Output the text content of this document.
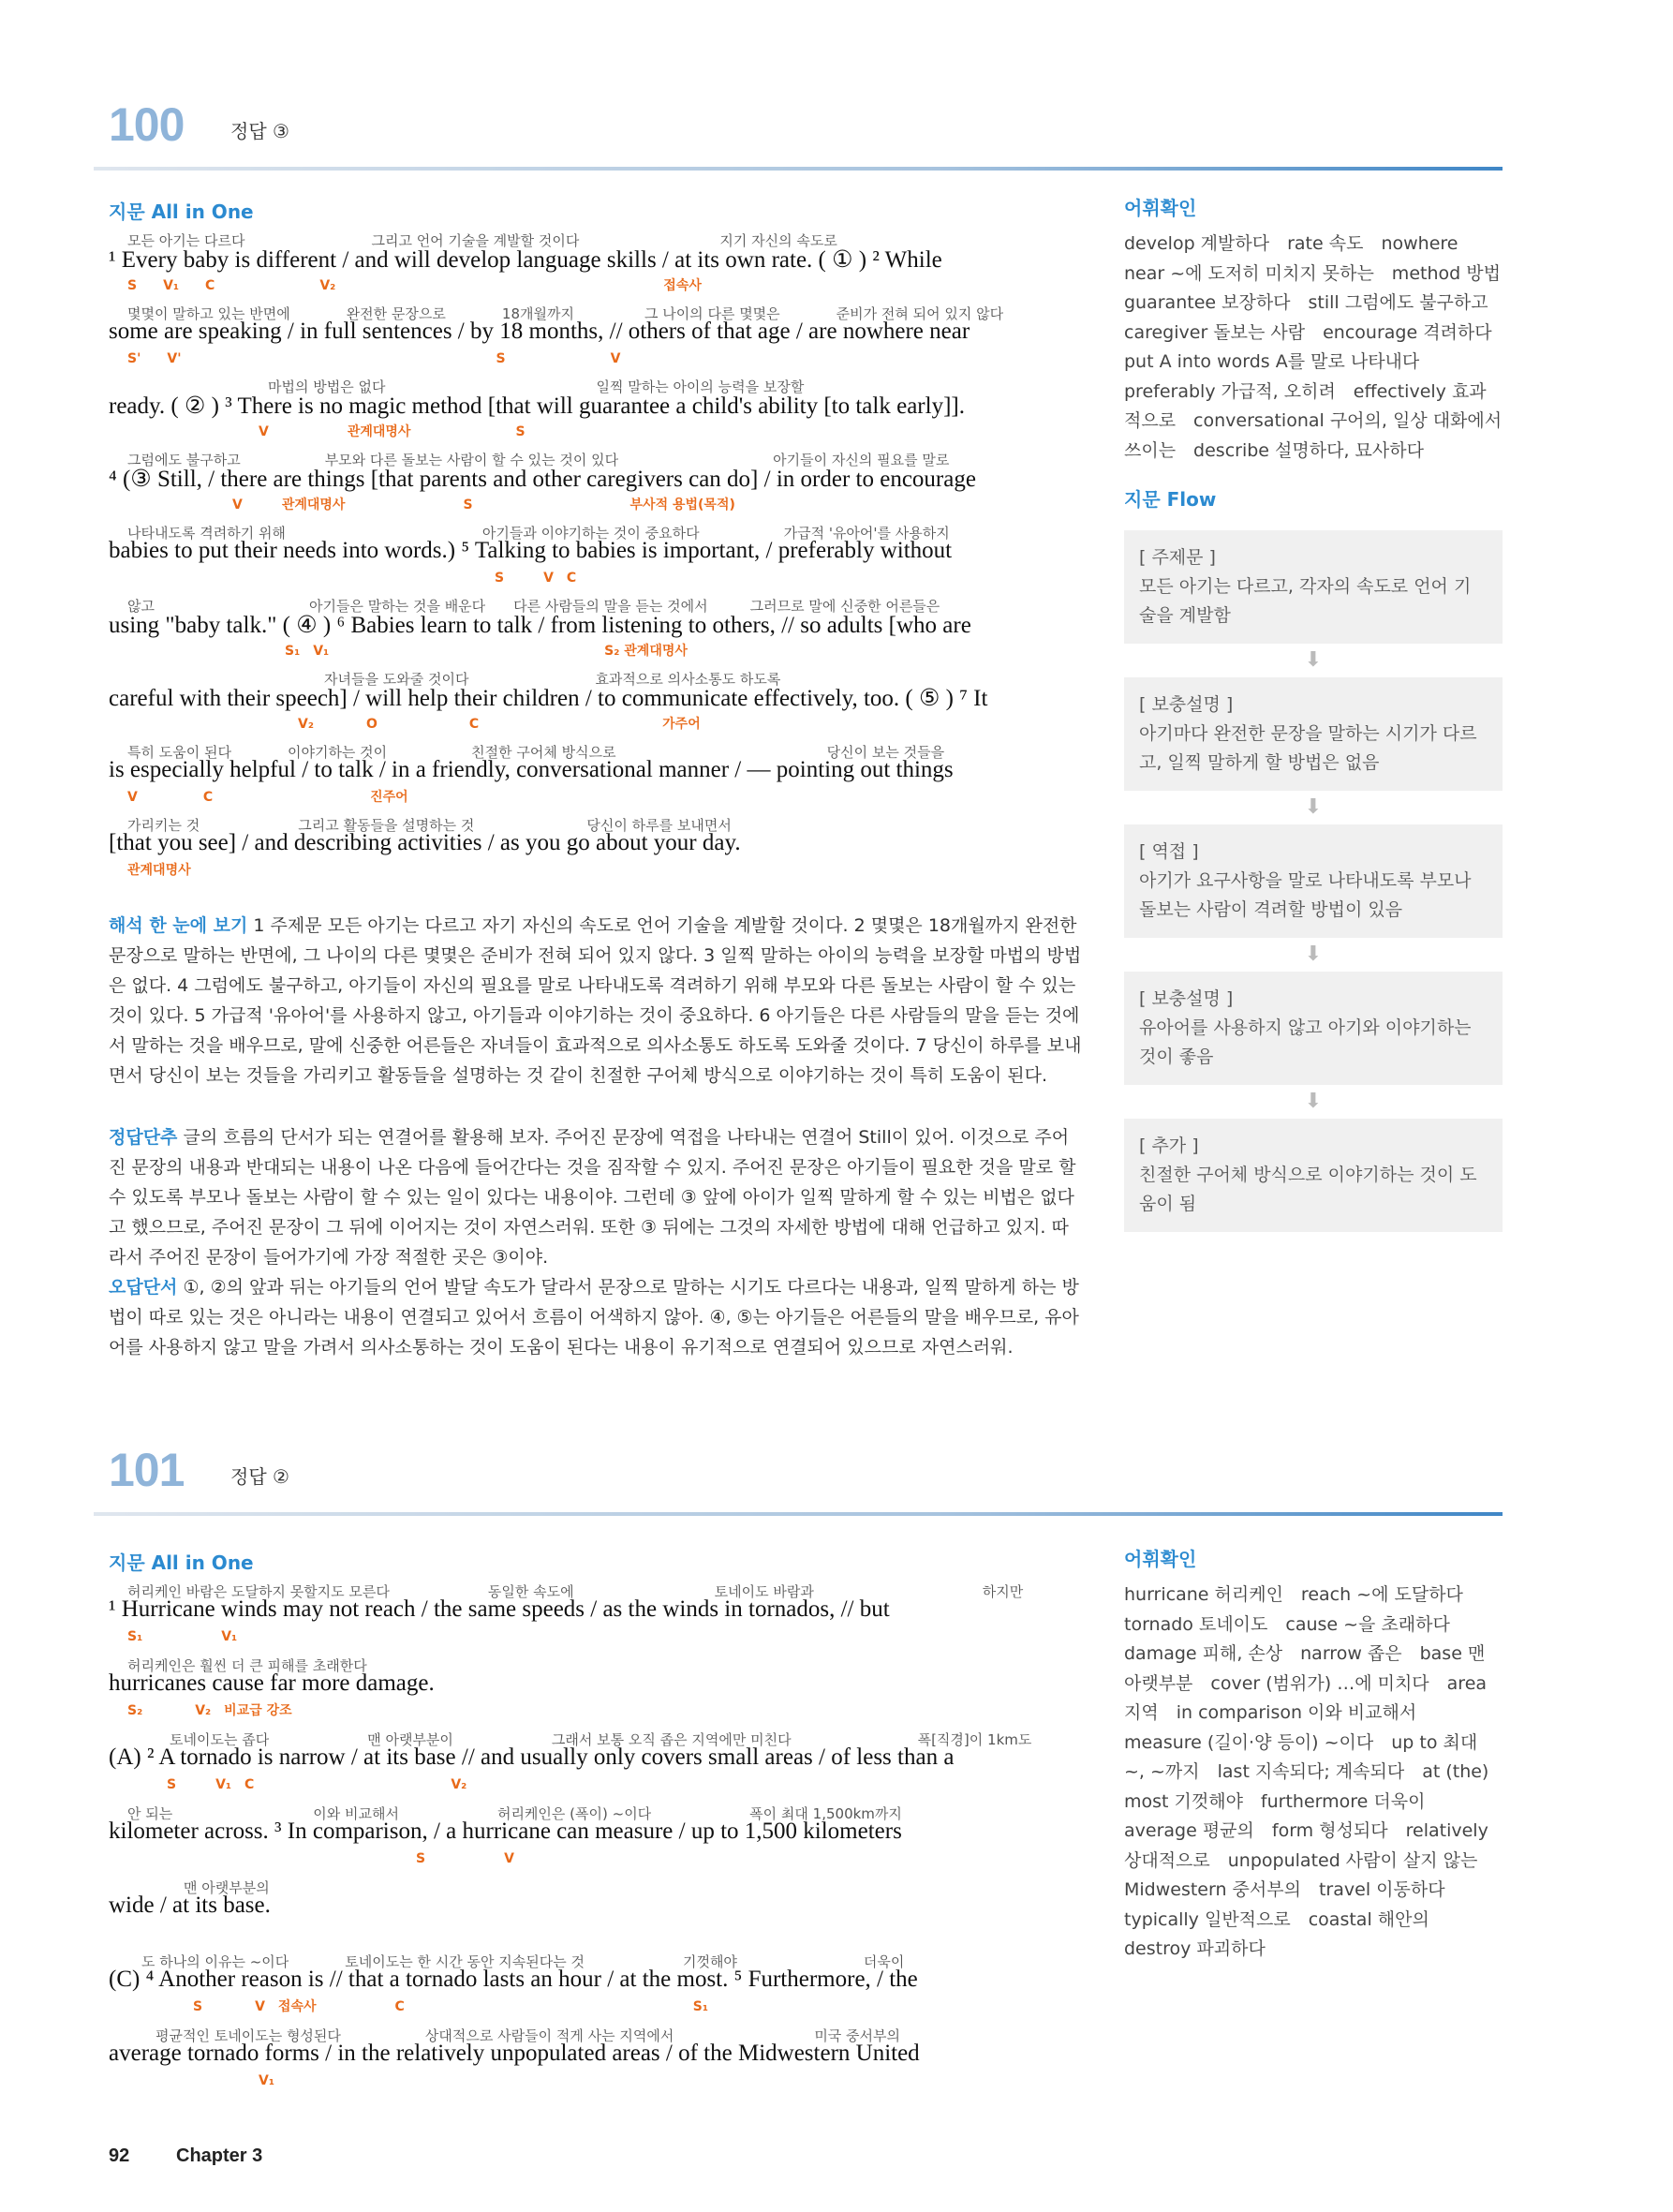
100 정답 ③
지문 All in One
모든 아기는 다르다　　　　　　　　　그리고 언어 기술을 계발할 것이다　　　　　　　　　　지기 자신의 속도로
¹ Every baby is different / and will develop language skills / at its own rate. ( ① ) ² While
S　　V₁　　C　　　　　　　　V₂　　　　　　　　　　　　　　　　　　　　　　　　　접속사
몇몇이 말하고 있는 반면에　　　　완전한 문장으로　　　　18개월까지　　　　　그 나이의 다른 몇몇은　　　　준비가 전혀 되어 있지 않다
some are speaking / in full sentences / by 18 months, // others of that age / are nowhere near
S'　　V'　　　　　　　　　　　　　　　　　　　　　　　　S　　　　　　　　V
　　　　　　　　　　마법의 방법은 없다　　　　　　　　　　　　　　　일찍 말하는 아이의 능력을 보장할
ready. ( ② ) ³ There is no magic method [that will guarantee a child's ability [to talk early]].
　　　　　　　　　　V　　　　　　관계대명사　　　　　　　　S
그럼에도 불구하고　　　　　　부모와 다른 돌보는 사람이 할 수 있는 것이 있다　　　　　　　　　　　아기들이 자신의 필요를 말로
⁴ (③ Still, / there are things [that parents and other caregivers can do] / in order to encourage
　　　　　　　　V　　　관계대명사　　　　　　　　　S　　　　　　　　　　　　부사적 용법(목적)
나타내도록 격려하기 위해　　　　　　　　　　　　　　아기들과 이야기하는 것이 중요하다　　　　　　가급적 '유아어'를 사용하지
babies to put their needs into words.) ⁵ Talking to babies is important, / preferably without
　　　　　　　　　　　　　　　　　　　　　　　　　　　　S　　　V　C
않고　　　　　　　　　　　아기들은 말하는 것을 배운다　　다른 사람들의 말을 듣는 것에서　　　그러므로 말에 신중한 어른들은
using "baby talk." ( ④ ) ⁶ Babies learn to talk / from listening to others, // so adults [who are
　　　　　　　　　　　　S₁　V₁　　　　　　　　　　　　　　　　　　　　　S₂ 관계대명사
　　　　　　　　　　　　　　자녀들을 도와줄 것이다　　　　　　　　　효과적으로 의사소통도 하도록
careful with their speech] / will help their children / to communicate effectively, too. ( ⑤ ) ⁷ It
　　　　　　　　　　　　　V₂　　　　O　　　　　　　C　　　　　　　　　　　　　　가주어
특히 도움이 된다　　　　이야기하는 것이　　　　　　친절한 구어체 방식으로　　　　　　　　　　　　　　　당신이 보는 것들을
is especially helpful / to talk / in a friendly, conversational manner / — pointing out things
V　　　　　C　　　　　　　　　　　　진주어
가리키는 것　　　　　　　그리고 활동들을 설명하는 것　　　　　　　　당신이 하루를 보내면서
[that you see] / and describing activities / as you go about your day.
관계대명사
해석 한 눈에 보기 1 주제문 모든 아기는 다르고 자기 자신의 속도로 언어 기술을 계발할 것이다. 2 몇몇은 18개월까지 완전한 문장으로 말하는 반면에, 그 나이의 다른 몇몇은 준비가 전혀 되어 있지 않다. 3 일찍 말하는 아이의 능력을 보장할 마법의 방법은 없다. 4 그럼에도 불구하고, 아기들이 자신의 필요를 말로 나타내도록 격려하기 위해 부모와 다른 돌보는 사람이 할 수 있는 것이 있다. 5 가급적 '유아어'를 사용하지 않고, 아기들과 이야기하는 것이 중요하다. 6 아기들은 다른 사람들의 말을 듣는 것에서 말하는 것을 배우므로, 말에 신중한 어른들은 자녀들이 효과적으로 의사소통도 하도록 도와줄 것이다. 7 당신이 하루를 보내면서 당신이 보는 것들을 가리키고 활동들을 설명하는 것 같이 친절한 구어체 방식으로 이야기하는 것이 특히 도움이 된다.
정답단추 글의 흐름의 단서가 되는 연결어를 활용해 보자. 주어진 문장에 역접을 나타내는 연결어 Still이 있어. 이것으로 주어진 문장의 내용과 반대되는 내용이 나온 다음에 들어간다는 것을 짐작할 수 있지. 주어진 문장은 아기들이 필요한 것을 말로 할 수 있도록 부모나 돌보는 사람이 할 수 있는 일이 있다는 내용이야. 그런데 ③ 앞에 아이가 일찍 말하게 할 수 있는 비법은 없다고 했으므로, 주어진 문장이 그 뒤에 이어지는 것이 자연스러워. 또한 ③ 뒤에는 그것의 자세한 방법에 대해 언급하고 있지. 따라서 주어진 문장이 들어가기에 가장 적절한 곳은 ③이야.
오답단서 ①, ②의 앞과 뒤는 아기들의 언어 발달 속도가 달라서 문장으로 말하는 시기도 다르다는 내용과, 일찍 말하게 하는 방법이 따로 있는 것은 아니라는 내용이 연결되고 있어서 흐름이 어색하지 않아. ④, ⑤는 아기들은 어른들의 말을 배우므로, 유아어를 사용하지 않고 말을 가려서 의사소통하는 것이 도움이 된다는 내용이 유기적으로 연결되어 있으므로 자연스러워.
어휘확인
develop 계발하다　rate 속도　nowhere near ~에 도저히 미치지 못하는　method 방법　guarantee 보장하다　still 그럼에도 불구하고　caregiver 돌보는 사람　encourage 격려하다　put A into words A를 말로 나타내다　preferably 가급적, 오히려　effectively 효과적으로　conversational 구어의, 일상 대화에서 쓰이는　describe 설명하다, 묘사하다
지문 Flow
[ 주제문 ]
모든 아기는 다르고, 각자의 속도로 언어 기술을 계발함
⬇
[ 보충설명 ]
아기마다 완전한 문장을 말하는 시기가 다르고, 일찍 말하게 할 방법은 없음
⬇
[ 역접 ]
아기가 요구사항을 말로 나타내도록 부모나 돌보는 사람이 격려할 방법이 있음
⬇
[ 보충설명 ]
유아어를 사용하지 않고 아기와 이야기하는 것이 좋음
⬇
[ 추가 ]
친절한 구어체 방식으로 이야기하는 것이 도움이 됨
101 정답 ②
지문 All in One
허리케인 바람은 도달하지 못할지도 모른다　　　　　　　동일한 속도에　　　　　　　　　　토네이도 바람과　　　　　　　　　　　　하지만
¹ Hurricane winds may not reach / the same speeds / as the winds in tornados, // but
S₁　　　　　　V₁
허리케인은 훨씬 더 큰 피해를 초래한다
hurricanes cause far more damage.
S₂　　　　V₂　비교급 강조
　　　토네이도는 좁다　　　　　　　맨 아랫부분이　　　　　　　그래서 보통 오직 좁은 지역에만 미친다　　　　　　　　　폭[직경]이 1km도
(A) ² A tornado is narrow / at its base // and usually only covers small areas / of less than a
　　　S　　　V₁　C　　　　　　　　　　　　　　　V₂
안 되는　　　　　　　　　　이와 비교해서　　　　　　　허리케인은 (폭이) ~이다　　　　　　　폭이 최대 1,500km까지
kilometer across. ³ In comparison, / a hurricane can measure / up to 1,500 kilometers
　　　　　　　　　　　　　　　　　　　　　　S　　　　　　V
　　　　맨 아랫부분의
wide / at its base.
　도 하나의 이유는 ~이다　　　　토네이도는 한 시간 동안 지속된다는 것　　　　　　　기껏해야　　　　　　　　　더욱이
(C) ⁴ Another reason is // that a tornado lasts an hour / at the most. ⁵ Furthermore, / the
　　　　　S　　　　V　접속사　　　　　　C　　　　　　　　　　　　　　　　　　　　　　S₁
　　평균적인 토네이도는 형성된다　　　　　　상대적으로 사람들이 적게 사는 지역에서　　　　　　　　　　미국 중서부의
average tornado forms / in the relatively unpopulated areas / of the Midwestern United
　　　　　　　　　　V₁
어휘확인
hurricane 허리케인　reach ~에 도달하다　tornado 토네이도　cause ~을 초래하다　damage 피해, 손상　narrow 좁은　base 맨 아랫부분　cover (범위가) …에 미치다　area 지역　in comparison 이와 비교해서　measure (길이·양 등이) ~이다　up to 최대 ~, ~까지　last 지속되다; 계속되다　at (the) most 기껏해야　furthermore 더욱이　average 평균의　form 형성되다　relatively 상대적으로　unpopulated 사람이 살지 않는　Midwestern 중서부의　travel 이동하다　typically 일반적으로　coastal 해안의　destroy 파괴하다
92 Chapter 3
